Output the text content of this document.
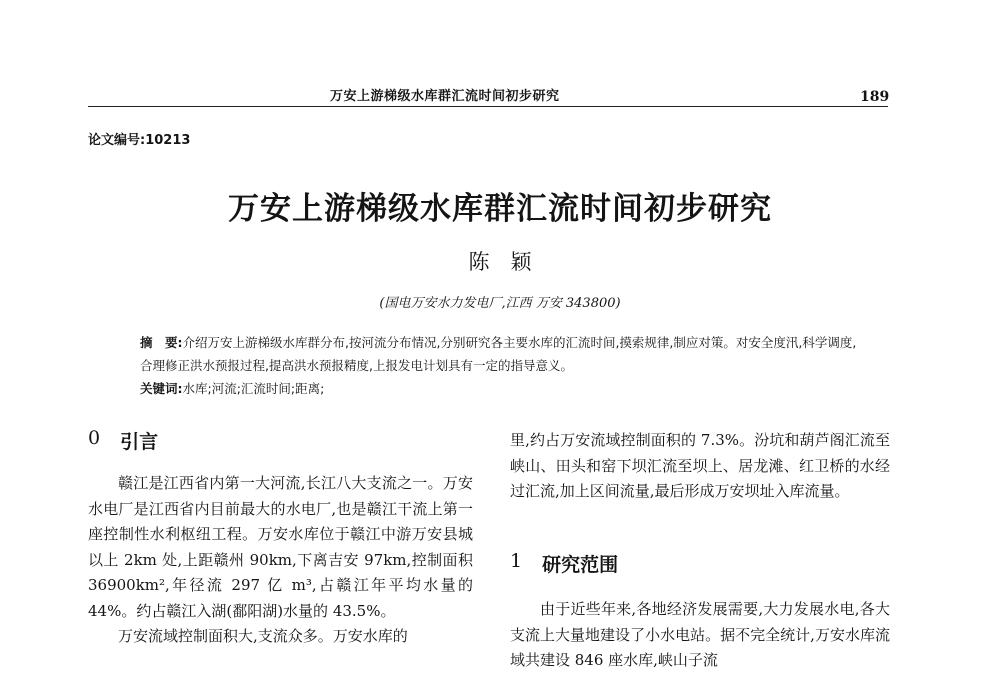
万安上游梯级水库群汇流时间初步研究	189
论文编号:10213
万安上游梯级水库群汇流时间初步研究
陈　颖
(国电万安水力发电厂,江西 万安 343800)
摘　要:介绍万安上游梯级水库群分布,按河流分布情况,分别研究各主要水库的汇流时间,摸索规律,制应对策。对安全度汛,科学调度,合理修正洪水预报过程,提高洪水预报精度,上报发电计划具有一定的指导意义。
关键词:水库;河流;汇流时间;距离;
0 引言

赣江是江西省内第一大河流,长江八大支流之一。万安水电厂是江西省内目前最大的水电厂,也是赣江干流上第一座控制性水利枢纽工程。万安水库位于赣江中游万安县城以上 2km 处,上距赣州 90km,下离吉安 97km,控制面积 36900km²,年径流 297 亿 m³,占赣江年平均水量的 44%。约占赣江入湖(鄱阳湖)水量的 43.5%。

万安流域控制面积大,支流众多。万安水库的

里,约占万安流域控制面积的 7.3%。汾坑和葫芦阁汇流至峡山、田头和窑下坝汇流至坝上、居龙滩、红卫桥的水经过汇流,加上区间流量,最后形成万安坝址入库流量。

1 研究范围

由于近些年来,各地经济发展需要,大力发展水电,各大支流上大量地建设了小水电站。据不完全统计,万安水库流域共建设 846 座水库,峡山子流
